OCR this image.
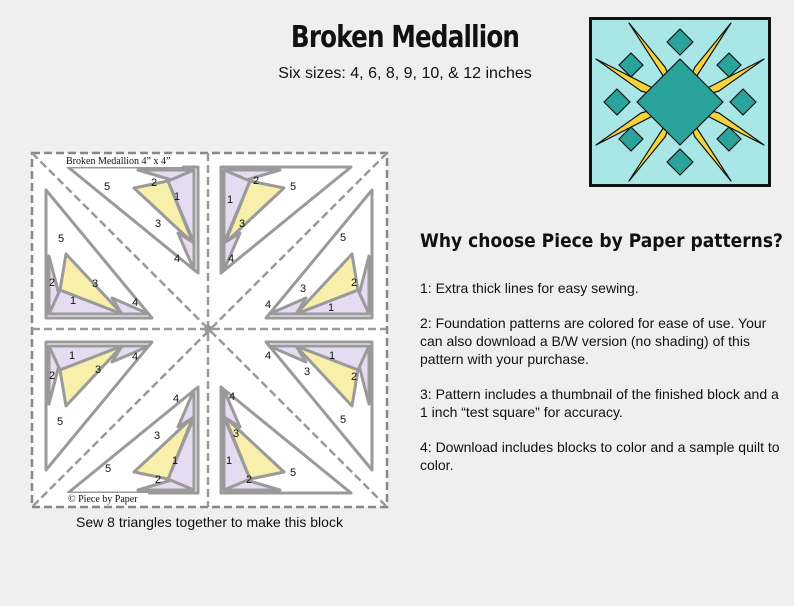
Broken Medallion

Six sizes: 4, 6, 8, 9, 10, & 12 inches

5	2
1
3
4
5
2	3
1	4
2	5
1
3
4
5
2
3
4	1
1	4
2	3
5
4
3
1
5
2
4
3
1
2
5
4	1
3	2
5
Broken Medallion 4” x 4”
© Piece by Paper

Sew 8 triangles together to make this block

Why choose Piece by Paper patterns?
1: Extra thick lines for easy sewing.
2: Foundation patterns are colored for ease of use. Your can also download a B/W version (no shading) of this pattern with your purchase.
3: Pattern includes a thumbnail of the finished block and a 1 inch “test square” for accuracy.
4: Download includes blocks to color and a sample quilt to color.
